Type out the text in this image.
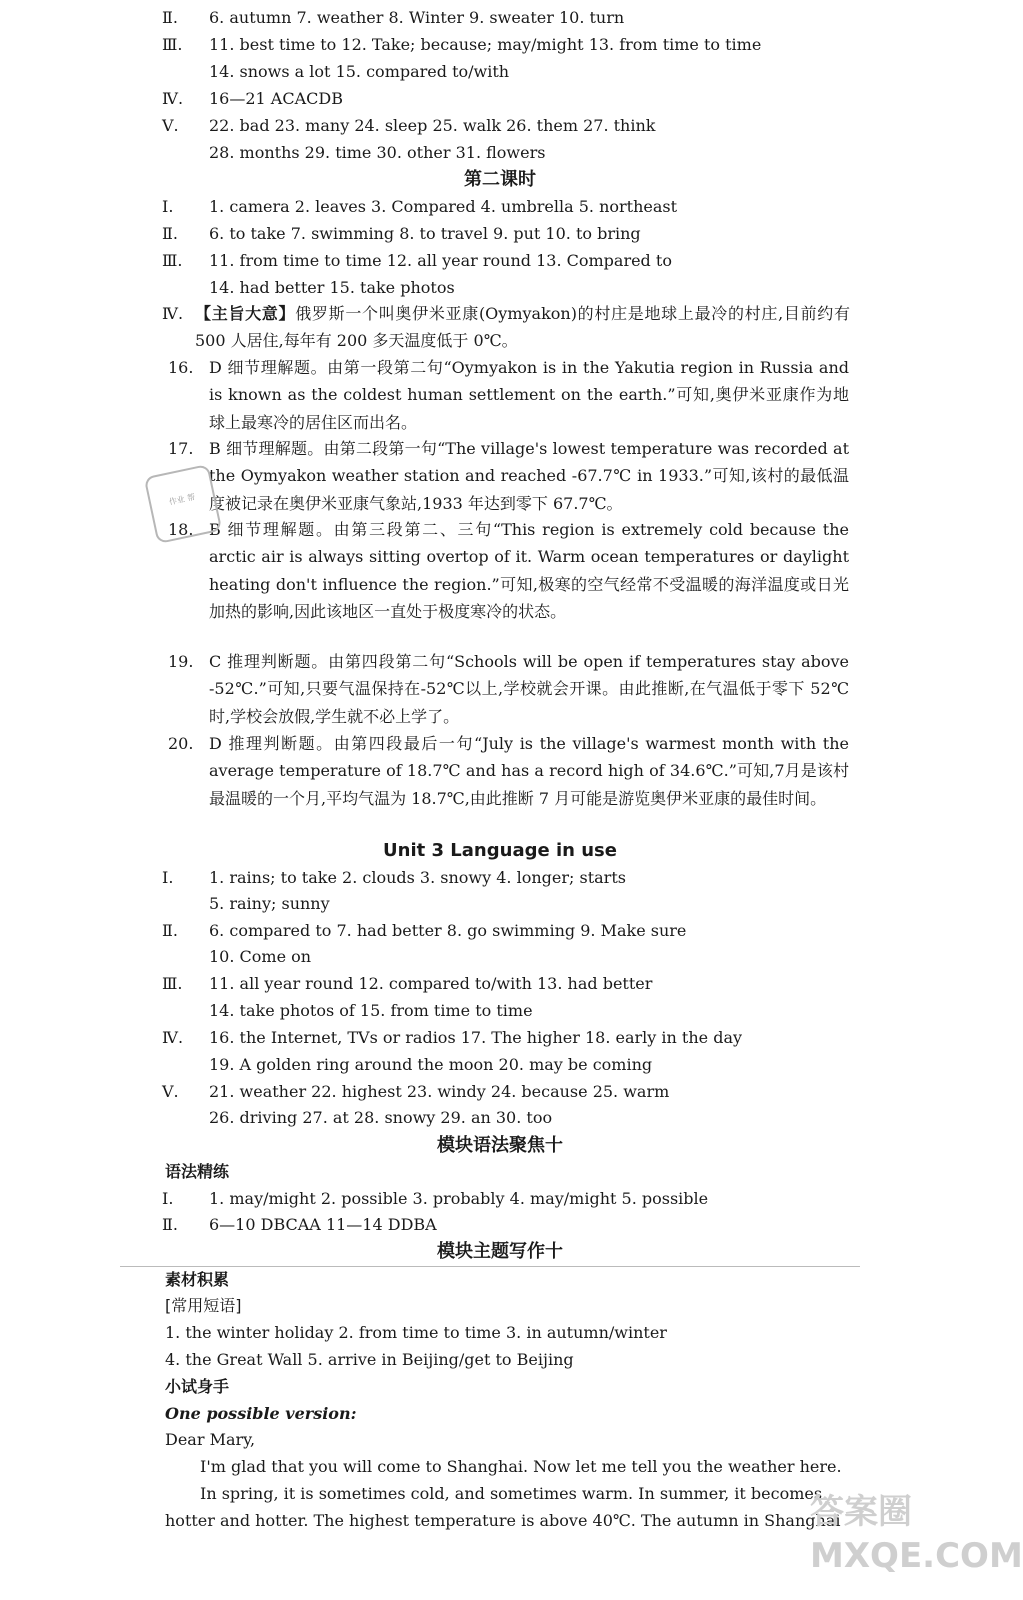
Ⅱ.	6. autumn 7. weather 8. Winter 9. sweater 10. turn
Ⅲ.	11. best time to 12. Take; because; may/might 13. from time to time
14. snows a lot 15. compared to/with
Ⅳ.	16—21 ACACDB
Ⅴ.	22. bad 23. many 24. sleep 25. walk 26. them 27. think
28. months 29. time 30. other 31. flowers
第二课时
Ⅰ.	1. camera 2. leaves 3. Compared 4. umbrella 5. northeast
Ⅱ.	6. to take 7. swimming 8. to travel 9. put 10. to bring
Ⅲ.	11. from time to time 12. all year round 13. Compared to
14. had better 15. take photos
Ⅳ. 【主旨大意】俄罗斯一个叫奥伊米亚康(Oymyakon)的村庄是地球上最冷的村庄,目前约有 500 人居住,每年有 200 多天温度低于 0℃。
16. D 细节理解题。由第一段第二句“Oymyakon is in the Yakutia region in Russia and is known as the coldest human settlement on the earth.”可知,奥伊米亚康作为地球上最寒冷的居住区而出名。
17. B 细节理解题。由第二段第一句“The village's lowest temperature was recorded at the Oymyakon weather station and reached -67.7℃ in 1933.”可知,该村的最低温度被记录在奥伊米亚康气象站,1933 年达到零下 67.7℃。
18. B 细节理解题。由第三段第二、三句“This region is extremely cold because the arctic air is always sitting overtop of it. Warm ocean temperatures or daylight heating don't influence the region.”可知,极寒的空气经常不受温暖的海洋温度或日光加热的影响,因此该地区一直处于极度寒冷的状态。
19. C 推理判断题。由第四段第二句“Schools will be open if temperatures stay above -52℃.”可知,只要气温保持在-52℃以上,学校就会开课。由此推断,在气温低于零下 52℃时,学校会放假,学生就不必上学了。
20. D 推理判断题。由第四段最后一句“July is the village's warmest month with the average temperature of 18.7℃ and has a record high of 34.6℃.”可知,7月是该村最温暖的一个月,平均气温为 18.7℃,由此推断 7 月可能是游览奥伊米亚康的最佳时间。
作业 帮
Unit 3 Language in use
Ⅰ.	1. rains; to take 2. clouds 3. snowy 4. longer; starts
5. rainy; sunny
Ⅱ.	6. compared to 7. had better 8. go swimming 9. Make sure
10. Come on
Ⅲ.	11. all year round 12. compared to/with 13. had better
14. take photos of 15. from time to time
Ⅳ.	16. the Internet, TVs or radios 17. The higher 18. early in the day
19. A golden ring around the moon 20. may be coming
Ⅴ.	21. weather 22. highest 23. windy 24. because 25. warm
26. driving 27. at 28. snowy 29. an 30. too
模块语法聚焦十
语法精练
Ⅰ.	1. may/might 2. possible 3. probably 4. may/might 5. possible
Ⅱ.	6—10 DBCAA 11—14 DDBA
模块主题写作十
素材积累
[常用短语]
1. the winter holiday 2. from time to time 3. in autumn/winter
4. the Great Wall 5. arrive in Beijing/get to Beijing
小试身手
One possible version:
Dear Mary,
I'm glad that you will come to Shanghai. Now let me tell you the weather here.
In spring, it is sometimes cold, and sometimes warm. In summer, it becomes
hotter and hotter. The highest temperature is above 40℃. The autumn in Shanghai
答案圈 MXQE.COM
